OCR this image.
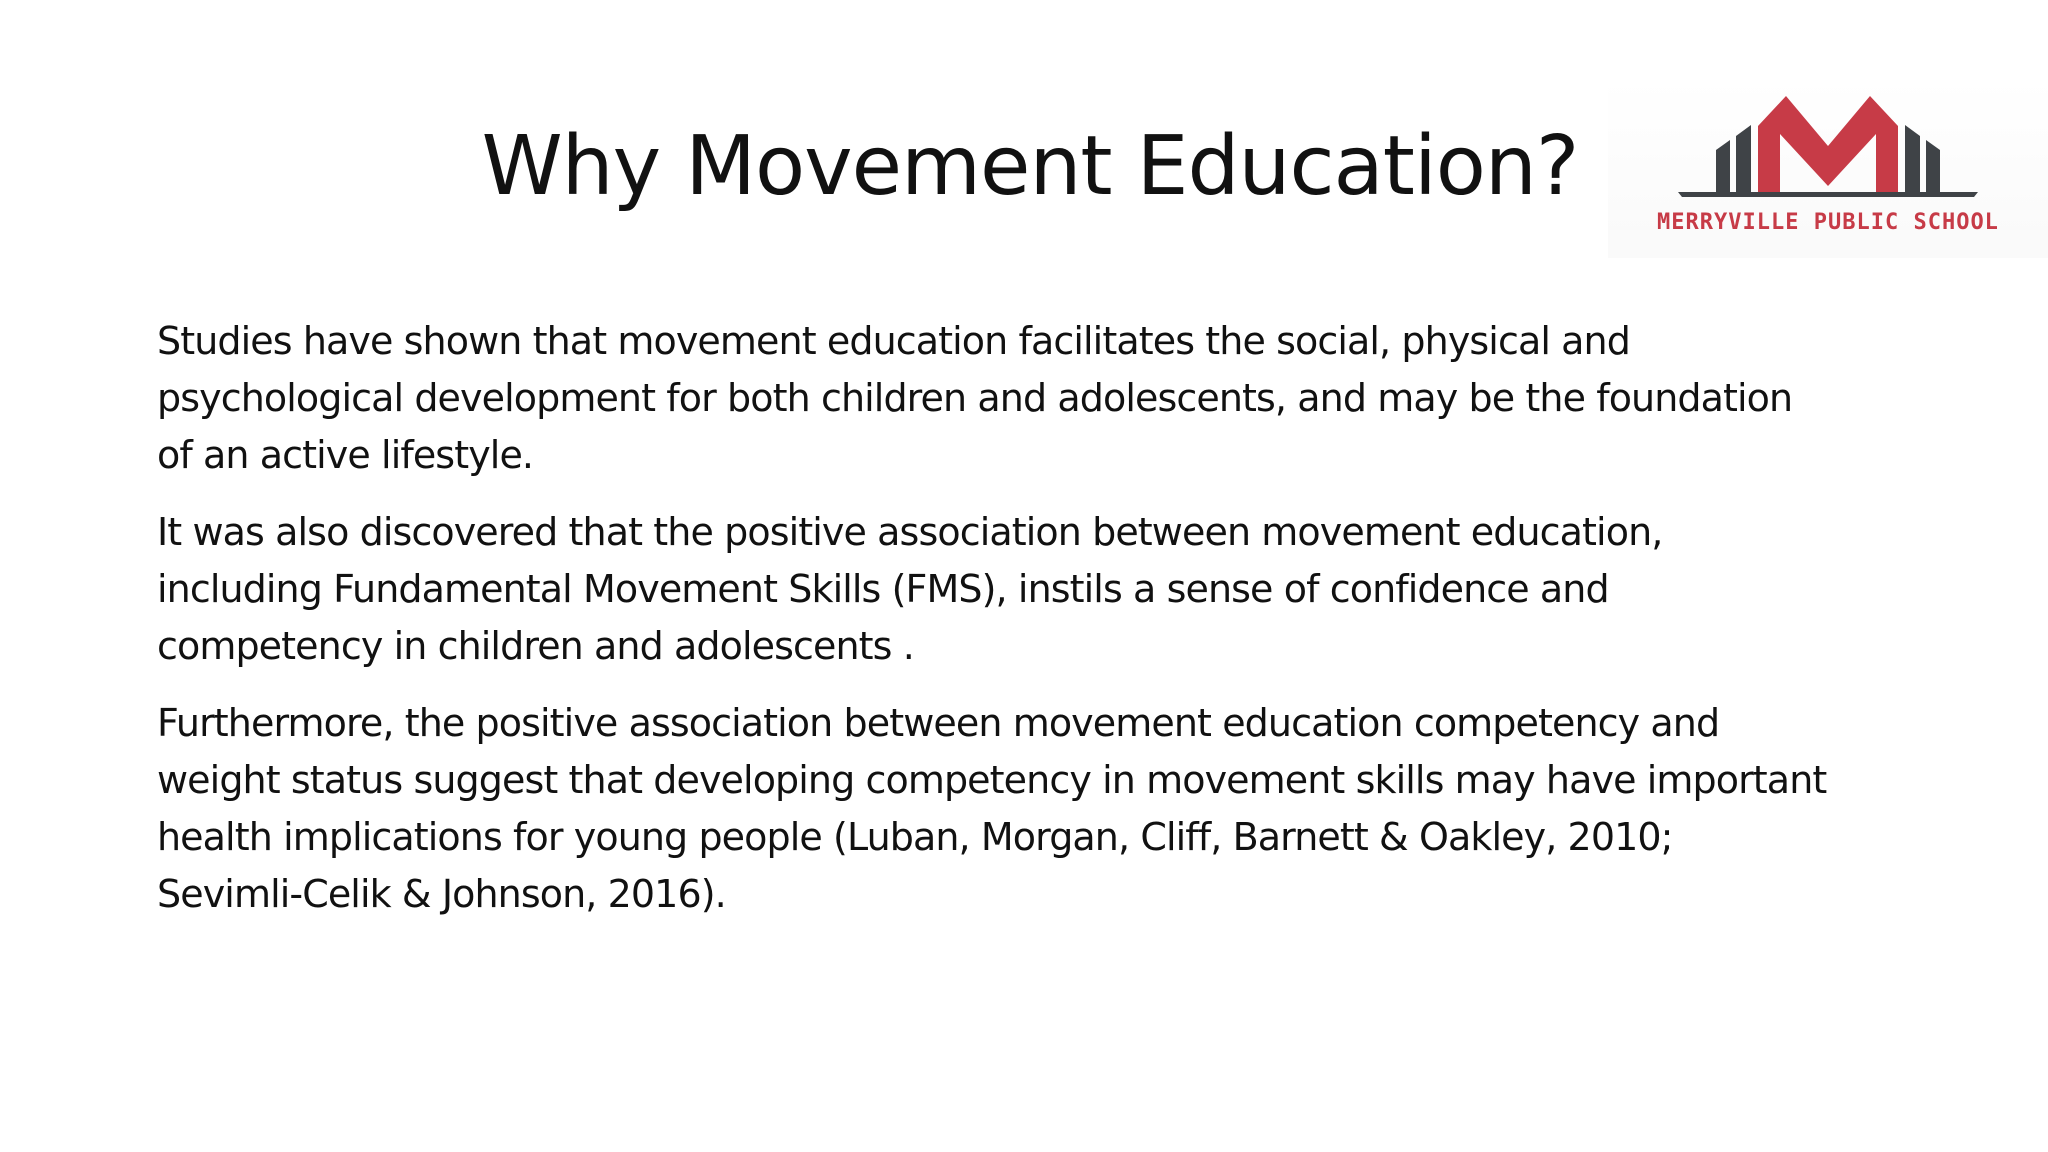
Why Movement Education?
MERRYVILLE PUBLIC SCHOOL

Studies have shown that movement education facilitates the social, physical and
psychological development for both children and adolescents, and may be the foundation
of an active lifestyle.

It was also discovered that the positive association between movement education,
including Fundamental Movement Skills (FMS), instils a sense of confidence and
competency in children and adolescents .

Furthermore, the positive association between movement education competency and
weight status suggest that developing competency in movement skills may have important
health implications for young people (Luban, Morgan, Cliff, Barnett & Oakley, 2010;
Sevimli-Celik & Johnson, 2016).
